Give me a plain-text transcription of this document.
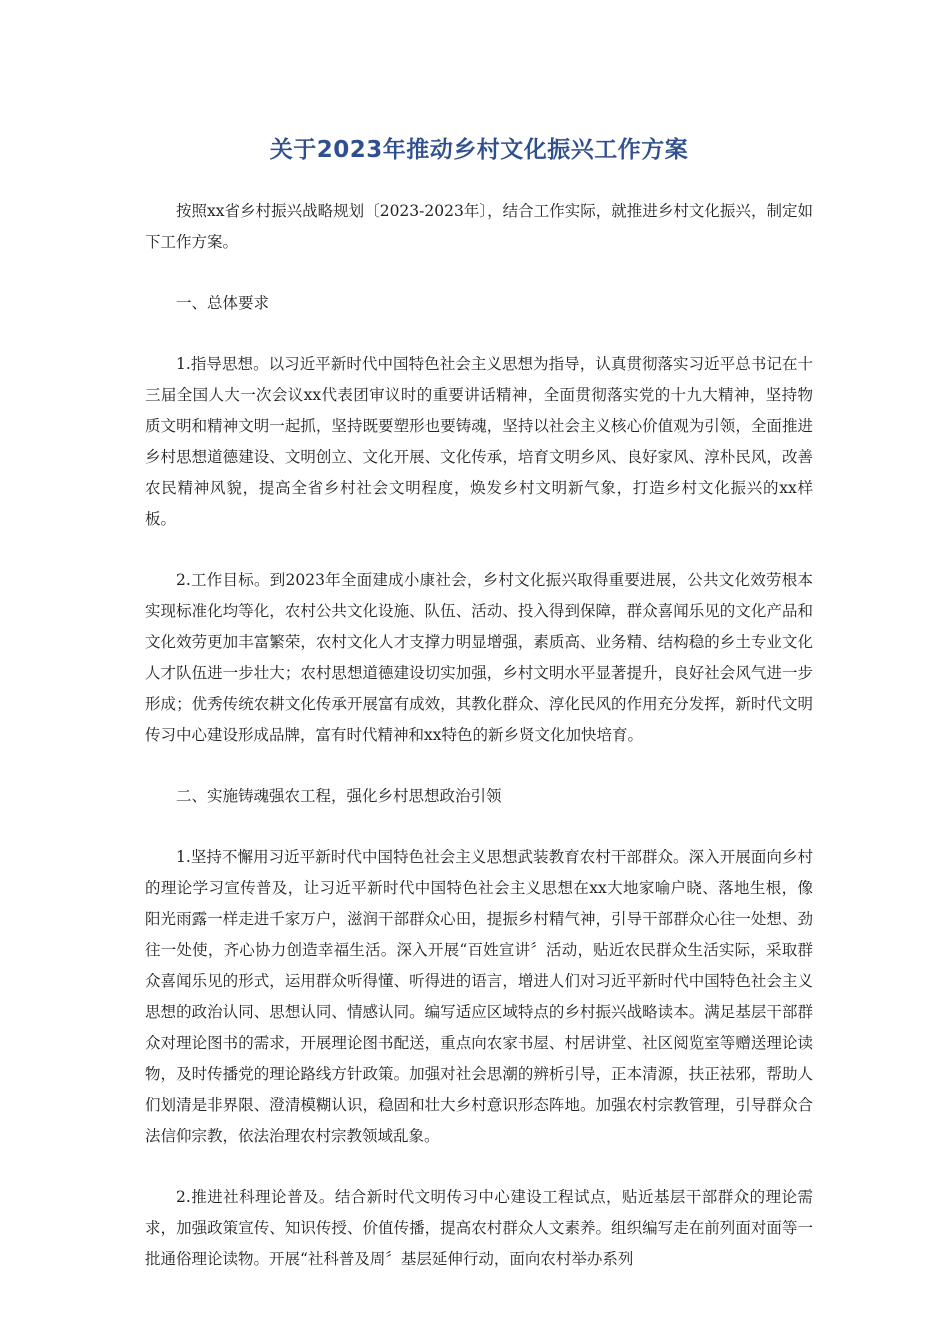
关于2023年推动乡村文化振兴工作方案

按照xx省乡村振兴战略规划〔2023-2023年〕，结合工作实际，就推进乡村文化振兴，制定如下工作方案。

一、总体要求

1.指导思想。以习近平新时代中国特色社会主义思想为指导，认真贯彻落实习近平总书记在十三届全国人大一次会议xx代表团审议时的重要讲话精神，全面贯彻落实党的十九大精神，坚持物质文明和精神文明一起抓，坚持既要塑形也要铸魂，坚持以社会主义核心价值观为引领，全面推进乡村思想道德建设、文明创立、文化开展、文化传承，培育文明乡风、良好家风、淳朴民风，改善农民精神风貌，提高全省乡村社会文明程度，焕发乡村文明新气象，打造乡村文化振兴的xx样板。

2.工作目标。到2023年全面建成小康社会，乡村文化振兴取得重要进展，公共文化效劳根本实现标准化均等化，农村公共文化设施、队伍、活动、投入得到保障，群众喜闻乐见的文化产品和文化效劳更加丰富繁荣，农村文化人才支撑力明显增强，素质高、业务精、结构稳的乡土专业文化人才队伍进一步壮大；农村思想道德建设切实加强，乡村文明水平显著提升，良好社会风气进一步形成；优秀传统农耕文化传承开展富有成效，其教化群众、淳化民风的作用充分发挥，新时代文明传习中心建设形成品牌，富有时代精神和xx特色的新乡贤文化加快培育。

二、实施铸魂强农工程，强化乡村思想政治引领

1.坚持不懈用习近平新时代中国特色社会主义思想武装教育农村干部群众。深入开展面向乡村的理论学习宣传普及，让习近平新时代中国特色社会主义思想在xx大地家喻户晓、落地生根，像阳光雨露一样走进千家万户，滋润干部群众心田，提振乡村精气神，引导干部群众心往一处想、劲往一处使，齐心协力创造幸福生活。深入开展“百姓宣讲〞活动，贴近农民群众生活实际，采取群众喜闻乐见的形式，运用群众听得懂、听得进的语言，增进人们对习近平新时代中国特色社会主义思想的政治认同、思想认同、情感认同。编写适应区域特点的乡村振兴战略读本。满足基层干部群众对理论图书的需求，开展理论图书配送，重点向农家书屋、村居讲堂、社区阅览室等赠送理论读物，及时传播党的理论路线方针政策。加强对社会思潮的辨析引导，正本清源，扶正祛邪，帮助人们划清是非界限、澄清模糊认识，稳固和壮大乡村意识形态阵地。加强农村宗教管理，引导群众合法信仰宗教，依法治理农村宗教领域乱象。

2.推进社科理论普及。结合新时代文明传习中心建设工程试点，贴近基层干部群众的理论需求，加强政策宣传、知识传授、价值传播，提高农村群众人文素养。组织编写走在前列面对面等一批通俗理论读物。开展“社科普及周〞基层延伸行动，面向农村举办系列
